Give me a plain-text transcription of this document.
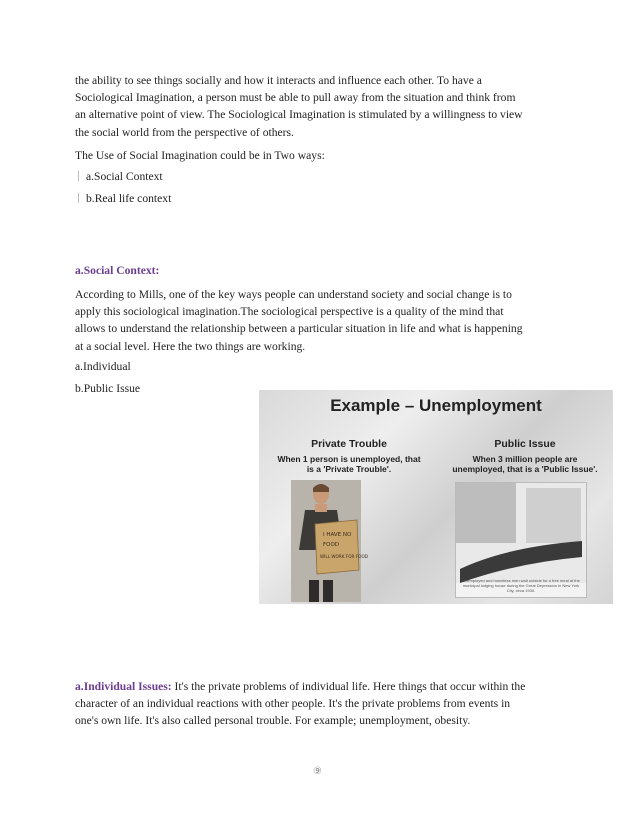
the ability to see things socially and how it interacts and influence each other. To have a
Sociological Imagination, a person must be able to pull away from the situation and think from
an alternative point of view. The Sociological Imagination is stimulated by a willingness to view
the social world from the perspective of others.

The Use of Social Imagination could be in Two ways:

a.Social Context
b.Real life context
a.Social Context:

According to Mills, one of the key ways people can understand society and social change is to
apply this sociological imagination.The sociological perspective is a quality of the mind that
allows to understand the relationship between a particular situation in life and what is happening
at a social level. Here the two things are working.

a.Individual

b.Public Issue

Example – Unemployment
Private Trouble
When 1 person is unemployed, that
is a 'Private Trouble'.
Public Issue
When 3 million people are
unemployed, that is a 'Public Issue'.
I HAVE NO
FOOD
WILL WORK FOR FOOD
Unemployed and homeless men wait outside for a free meal at the municipal lodging house during the Great Depression in New York City, circa 1930.

a.Individual Issues: It's the private problems of individual life. Here things that occur within the
character of an individual reactions with other people. It's the private problems from events in
one's own life. It's also called personal trouble. For example; unemployment, obesity.

⑨
